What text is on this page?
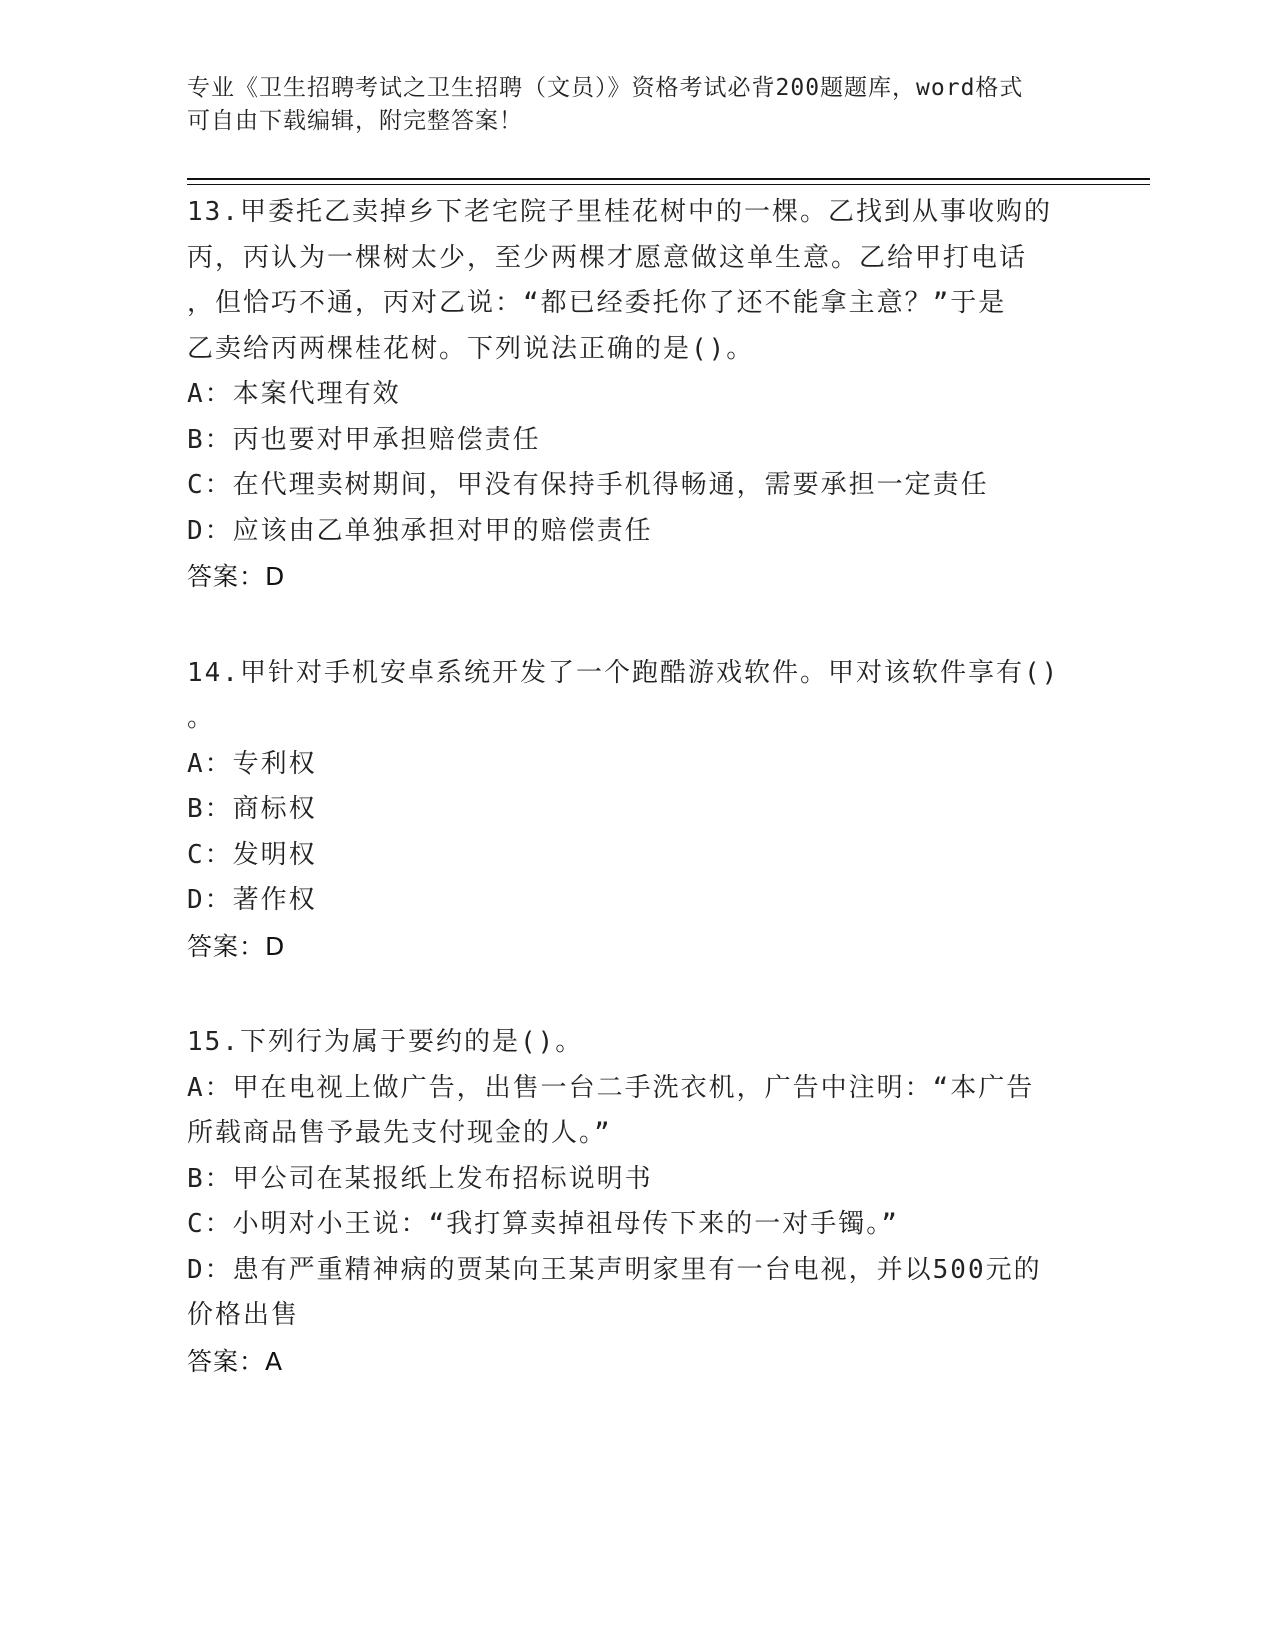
专业《卫生招聘考试之卫生招聘（文员）》资格考试必背200题题库，word格式
可自由下载编辑，附完整答案！
13.甲委托乙卖掉乡下老宅院子里桂花树中的一棵。乙找到从事收购的
丙，丙认为一棵树太少，至少两棵才愿意做这单生意。乙给甲打电话
，但恰巧不通，丙对乙说：“都已经委托你了还不能拿主意？”于是
乙卖给丙两棵桂花树。下列说法正确的是()。
A：本案代理有效
B：丙也要对甲承担赔偿责任
C：在代理卖树期间，甲没有保持手机得畅通，需要承担一定责任
D：应该由乙单独承担对甲的赔偿责任
答案：D
14.甲针对手机安卓系统开发了一个跑酷游戏软件。甲对该软件享有()
。
A：专利权
B：商标权
C：发明权
D：著作权
答案：D
15.下列行为属于要约的是()。
A：甲在电视上做广告，出售一台二手洗衣机，广告中注明：“本广告
所载商品售予最先支付现金的人。”
B：甲公司在某报纸上发布招标说明书
C：小明对小王说：“我打算卖掉祖母传下来的一对手镯。”
D：患有严重精神病的贾某向王某声明家里有一台电视，并以500元的
价格出售
答案：A
